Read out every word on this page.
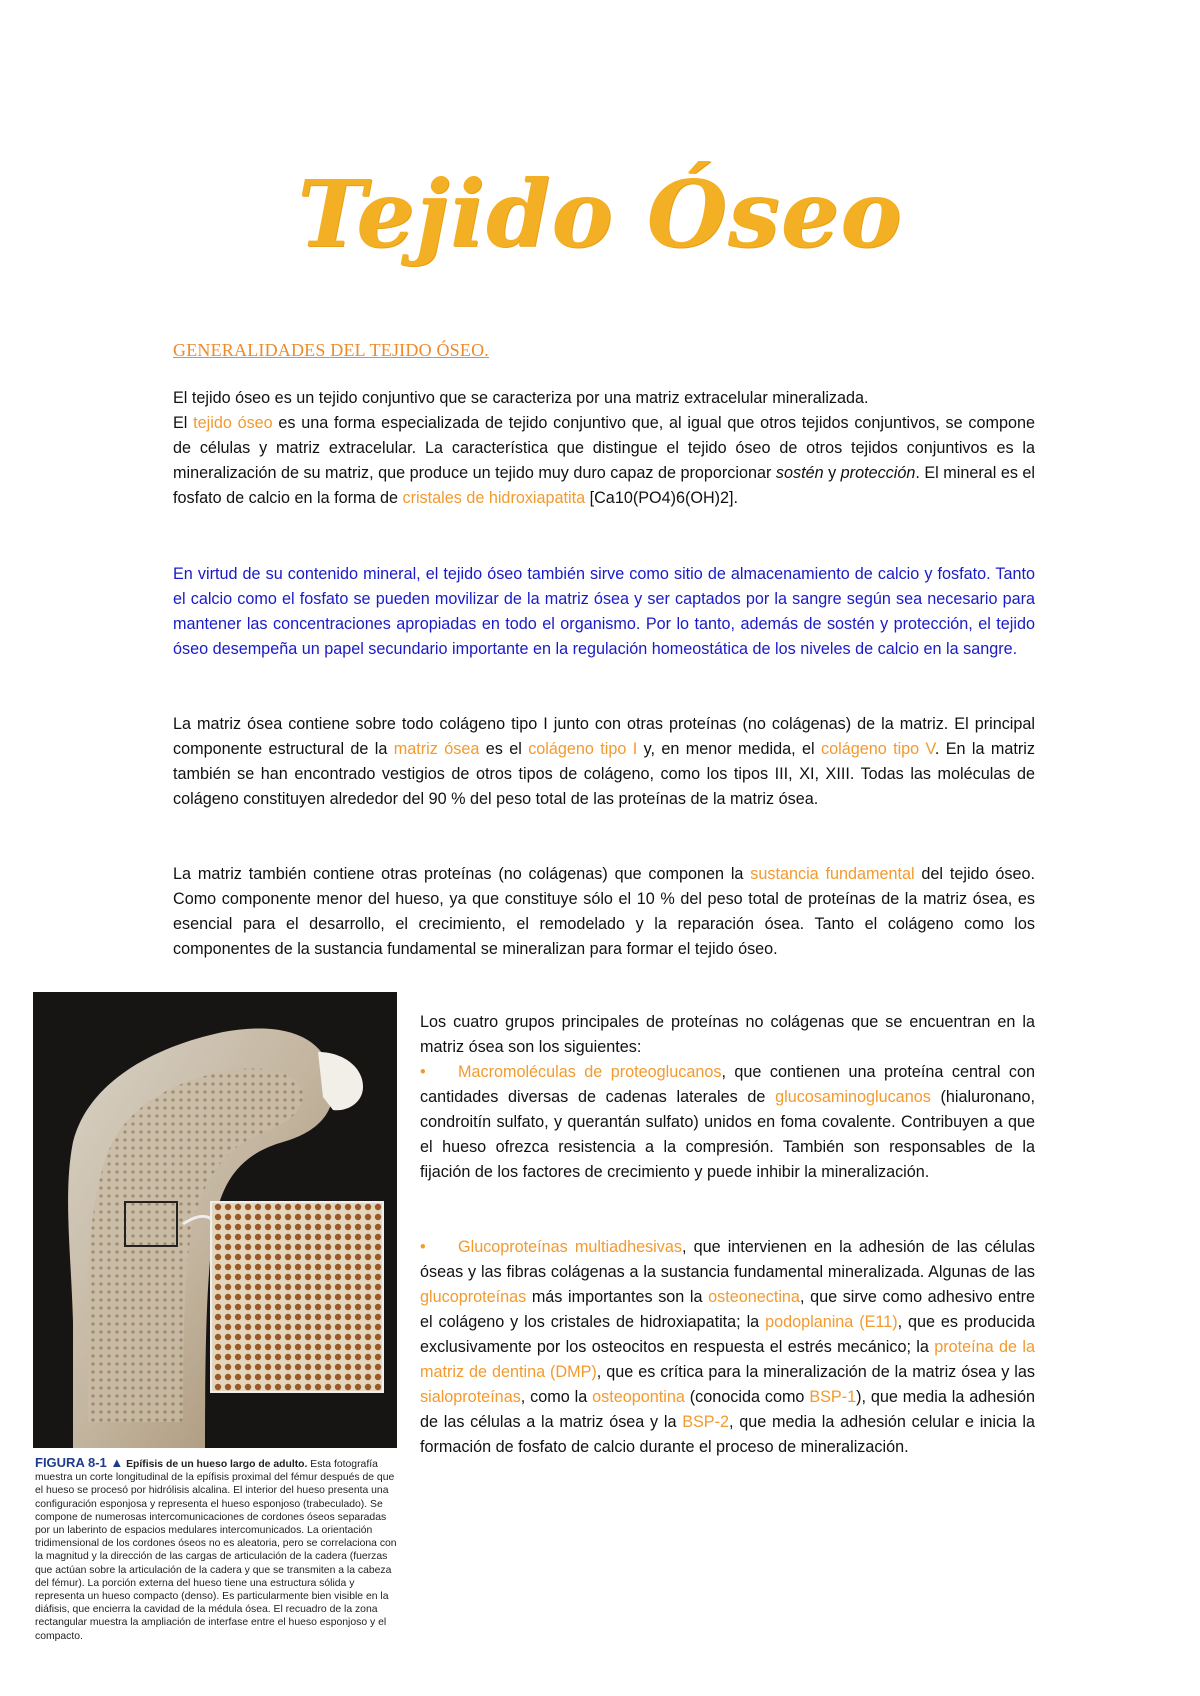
Tejido Óseo
GENERALIDADES DEL TEJIDO ÓSEO.

El tejido óseo es un tejido conjuntivo que se caracteriza por una matriz extracelular mineralizada.
El tejido óseo es una forma especializada de tejido conjuntivo que, al igual que otros tejidos conjuntivos, se compone de células y matriz extracelular. La característica que distingue el tejido óseo de otros tejidos conjuntivos es la mineralización de su matriz, que produce un tejido muy duro capaz de proporcionar sostén y protección. El mineral es el fosfato de calcio en la forma de cristales de hidroxiapatita [Ca10(PO4)6(OH)2].

En virtud de su contenido mineral, el tejido óseo también sirve como sitio de almacenamiento de calcio y fosfato. Tanto el calcio como el fosfato se pueden movilizar de la matriz ósea y ser captados por la sangre según sea necesario para mantener las concentraciones apropiadas en todo el organismo. Por lo tanto, además de sostén y protección, el tejido óseo desempeña un papel secundario importante en la regulación homeostática de los niveles de calcio en la sangre.

La matriz ósea contiene sobre todo colágeno tipo I junto con otras proteínas (no colágenas) de la matriz. El principal componente estructural de la matriz ósea es el colágeno tipo I y, en menor medida, el colágeno tipo V. En la matriz también se han encontrado vestigios de otros tipos de colágeno, como los tipos III, XI, XIII. Todas las moléculas de colágeno constituyen alrededor del 90 % del peso total de las proteínas de la matriz ósea.

La matriz también contiene otras proteínas (no colágenas) que componen la sustancia fundamental del tejido óseo. Como componente menor del hueso, ya que constituye sólo el 10 % del peso total de proteínas de la matriz ósea, es esencial para el desarrollo, el crecimiento, el remodelado y la reparación ósea. Tanto el colágeno como los componentes de la sustancia fundamental se mineralizan para formar el tejido óseo.

FIGURA 8-1 ▲ Epífisis de un hueso largo de adulto. Esta fotografía muestra un corte longitudinal de la epífisis proximal del fémur después de que el hueso se procesó por hidrólisis alcalina. El interior del hueso presenta una configuración esponjosa y representa el hueso esponjoso (trabeculado). Se compone de numerosas intercomunicaciones de cordones óseos separadas por un laberinto de espacios medulares intercomunicados. La orientación tridimensional de los cordones óseos no es aleatoria, pero se correlaciona con la magnitud y la dirección de las cargas de articulación de la cadera (fuerzas que actúan sobre la articulación de la cadera y que se transmiten a la cabeza del fémur). La porción externa del hueso tiene una estructura sólida y representa un hueso compacto (denso). Es particularmente bien visible en la diáfisis, que encierra la cavidad de la médula ósea. El recuadro de la zona rectangular muestra la ampliación de interfase entre el hueso esponjoso y el compacto.

Los cuatro grupos principales de proteínas no colágenas que se encuentran en la matriz ósea son los siguientes:

• Macromoléculas de proteoglucanos, que contienen una proteína central con cantidades diversas de cadenas laterales de glucosaminoglucanos (hialuronano, condroitín sulfato, y querantán sulfato) unidos en foma covalente. Contribuyen a que el hueso ofrezca resistencia a la compresión. También son responsables de la fijación de los factores de crecimiento y puede inhibir la mineralización.

• Glucoproteínas multiadhesivas, que intervienen en la adhesión de las células óseas y las fibras colágenas a la sustancia fundamental mineralizada. Algunas de las glucoproteínas más importantes son la osteonectina, que sirve como adhesivo entre el colágeno y los cristales de hidroxiapatita; la podoplanina (E11), que es producida exclusivamente por los osteocitos en respuesta el estrés mecánico; la proteína de la matriz de dentina (DMP), que es crítica para la mineralización de la matriz ósea y las sialoproteínas, como la osteopontina (conocida como BSP-1), que media la adhesión de las células a la matriz ósea y la BSP-2, que media la adhesión celular e inicia la formación de fosfato de calcio durante el proceso de mineralización.
